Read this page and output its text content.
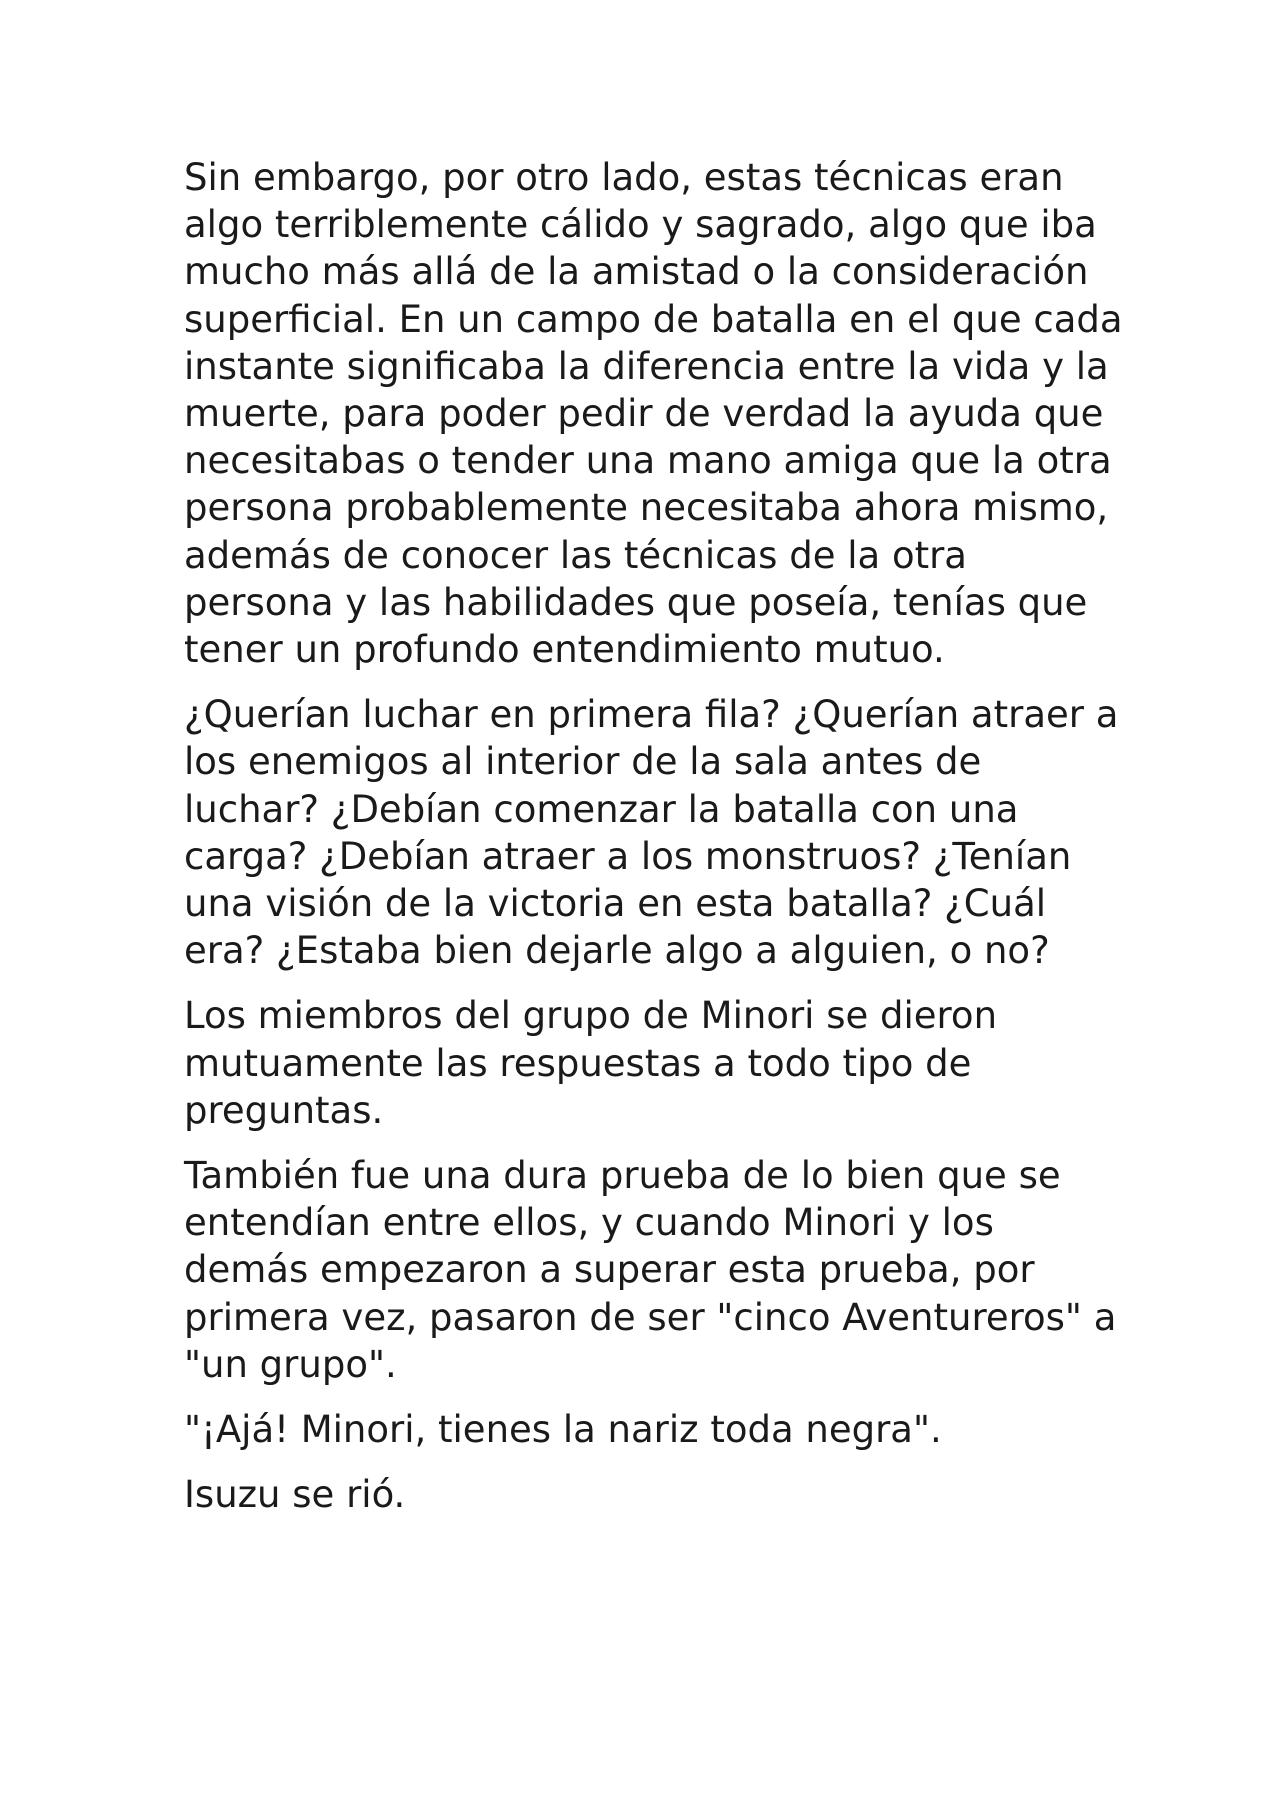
Sin embargo, por otro lado, estas técnicas eran algo terriblemente cálido y sagrado, algo que iba mucho más allá de la amistad o la consideración superficial. En un campo de batalla en el que cada instante significaba la diferencia entre la vida y la muerte, para poder pedir de verdad la ayuda que necesitabas o tender una mano amiga que la otra persona probablemente necesitaba ahora mismo, además de conocer las técnicas de la otra persona y las habilidades que poseía, tenías que tener un profundo entendimiento mutuo.

¿Querían luchar en primera fila? ¿Querían atraer a los enemigos al interior de la sala antes de luchar? ¿Debían comenzar la batalla con una carga? ¿Debían atraer a los monstruos? ¿Tenían una visión de la victoria en esta batalla? ¿Cuál era? ¿Estaba bien dejarle algo a alguien, o no?

Los miembros del grupo de Minori se dieron mutuamente las respuestas a todo tipo de preguntas.

También fue una dura prueba de lo bien que se entendían entre ellos, y cuando Minori y los demás empezaron a superar esta prueba, por primera vez, pasaron de ser "cinco Aventureros" a "un grupo".

"¡Ajá! Minori, tienes la nariz toda negra".

Isuzu se rió.
